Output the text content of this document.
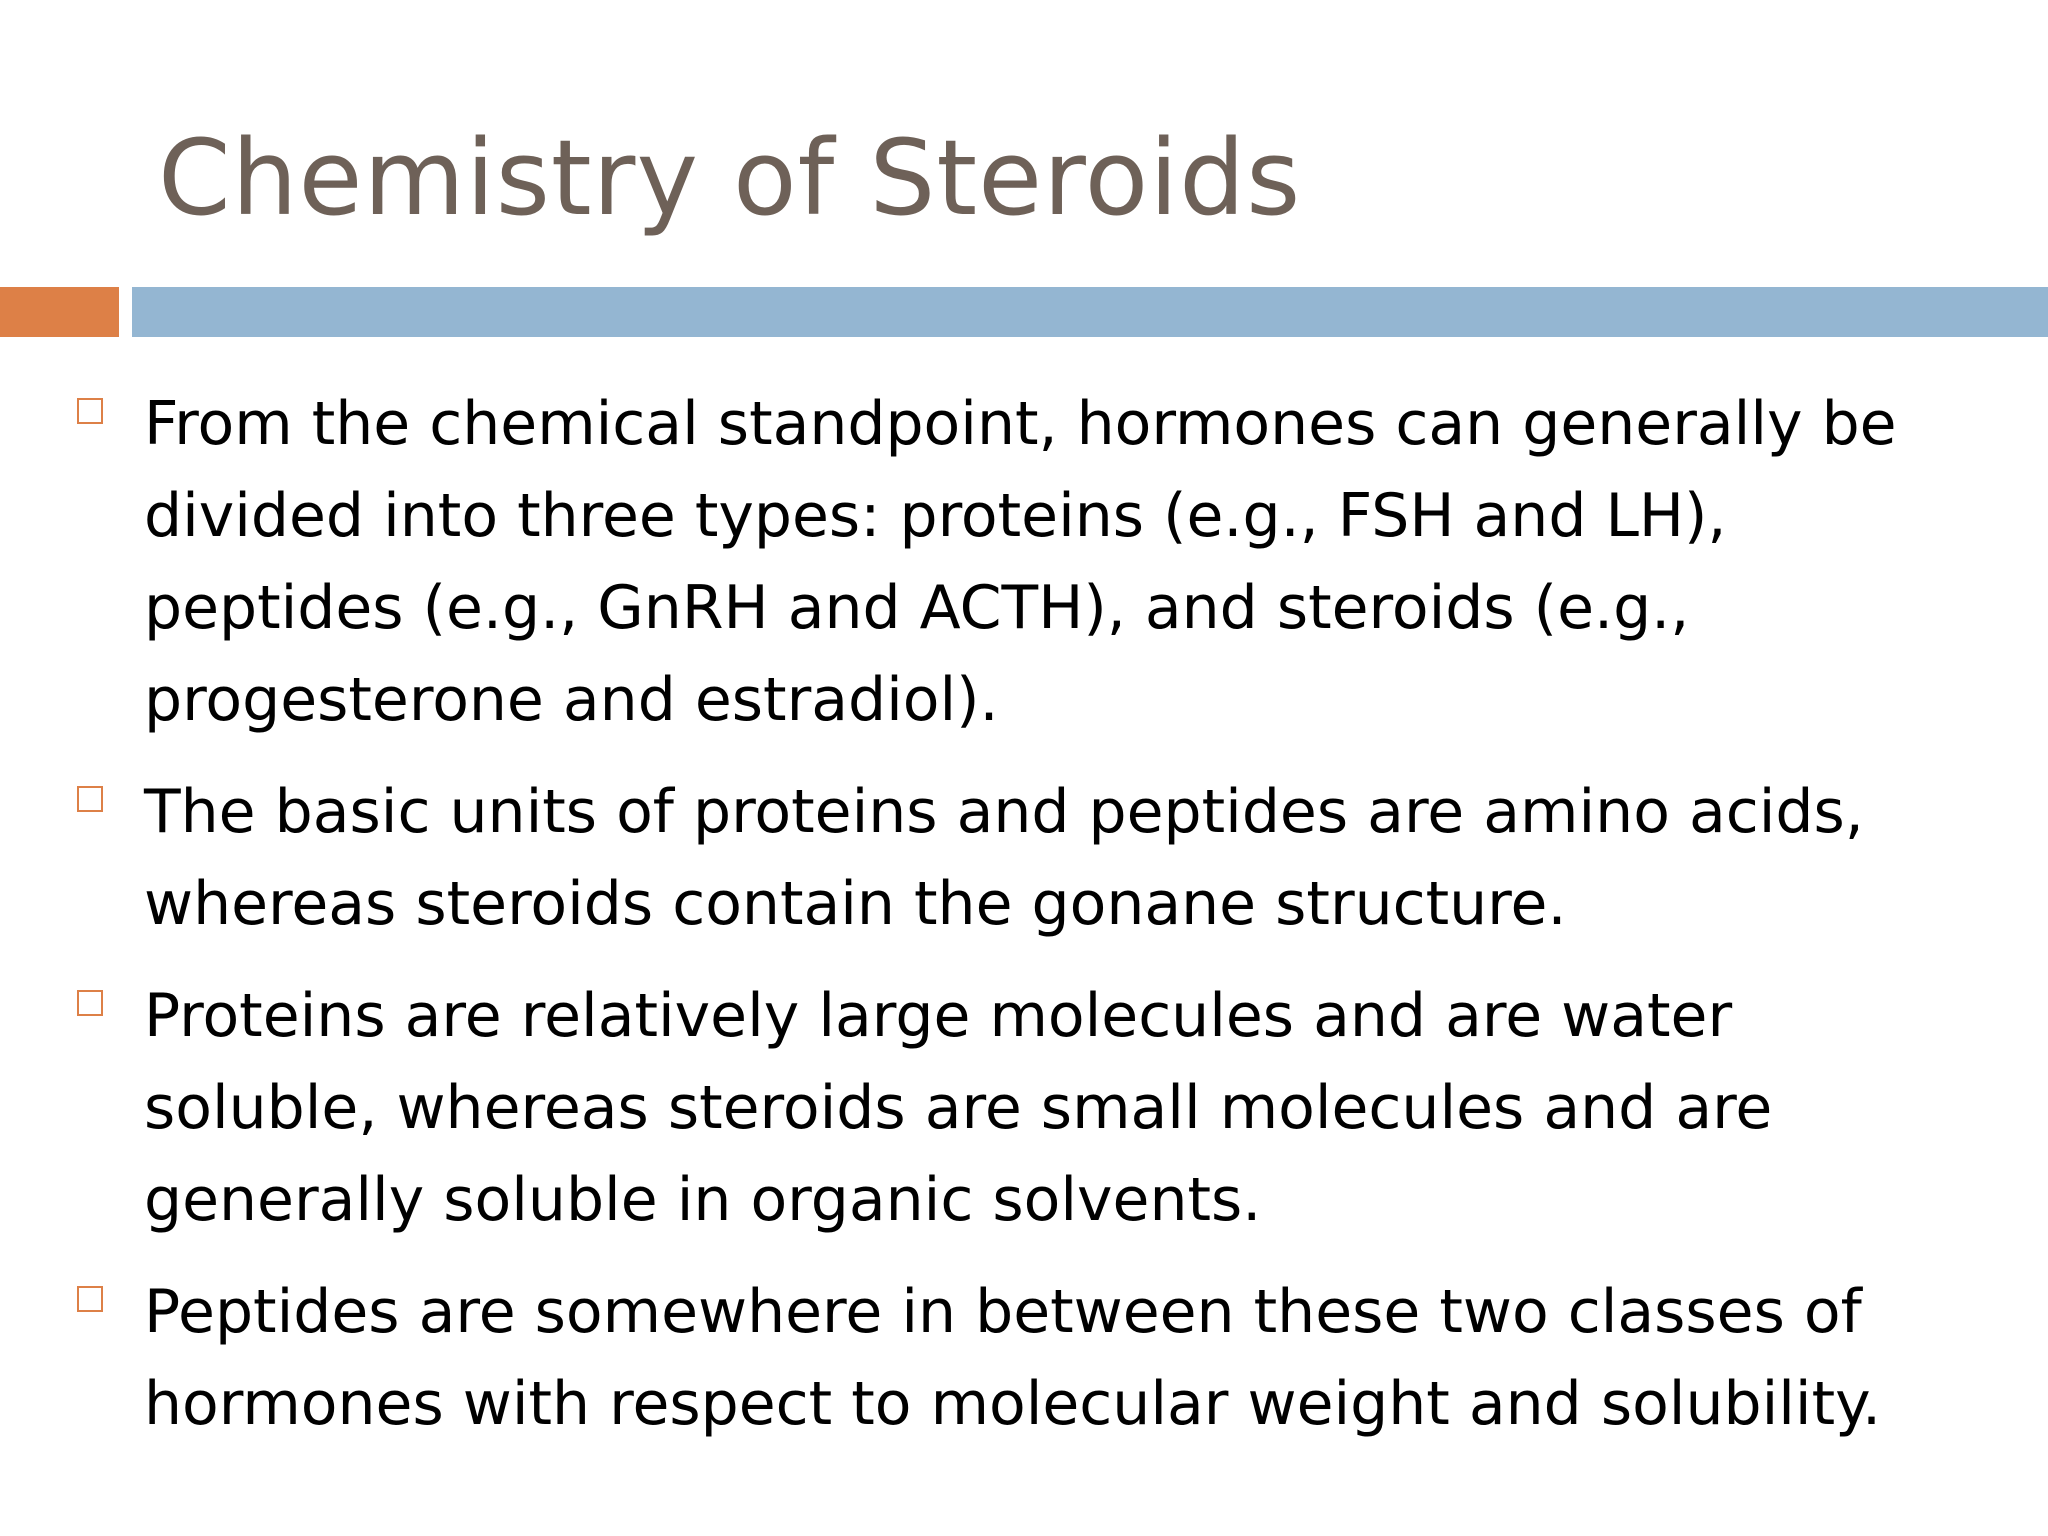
Chemistry of Steroids
From the chemical standpoint, hormones can generally be divided into three types: proteins (e.g., FSH and LH), peptides (e.g., GnRH and ACTH), and steroids (e.g., progesterone and estradiol).
The basic units of proteins and peptides are amino acids, whereas steroids contain the gonane structure.
Proteins are relatively large molecules and are water soluble, whereas steroids are small molecules and are generally soluble in organic solvents.
Peptides are somewhere in between these two classes of hormones with respect to molecular weight and solubility.
